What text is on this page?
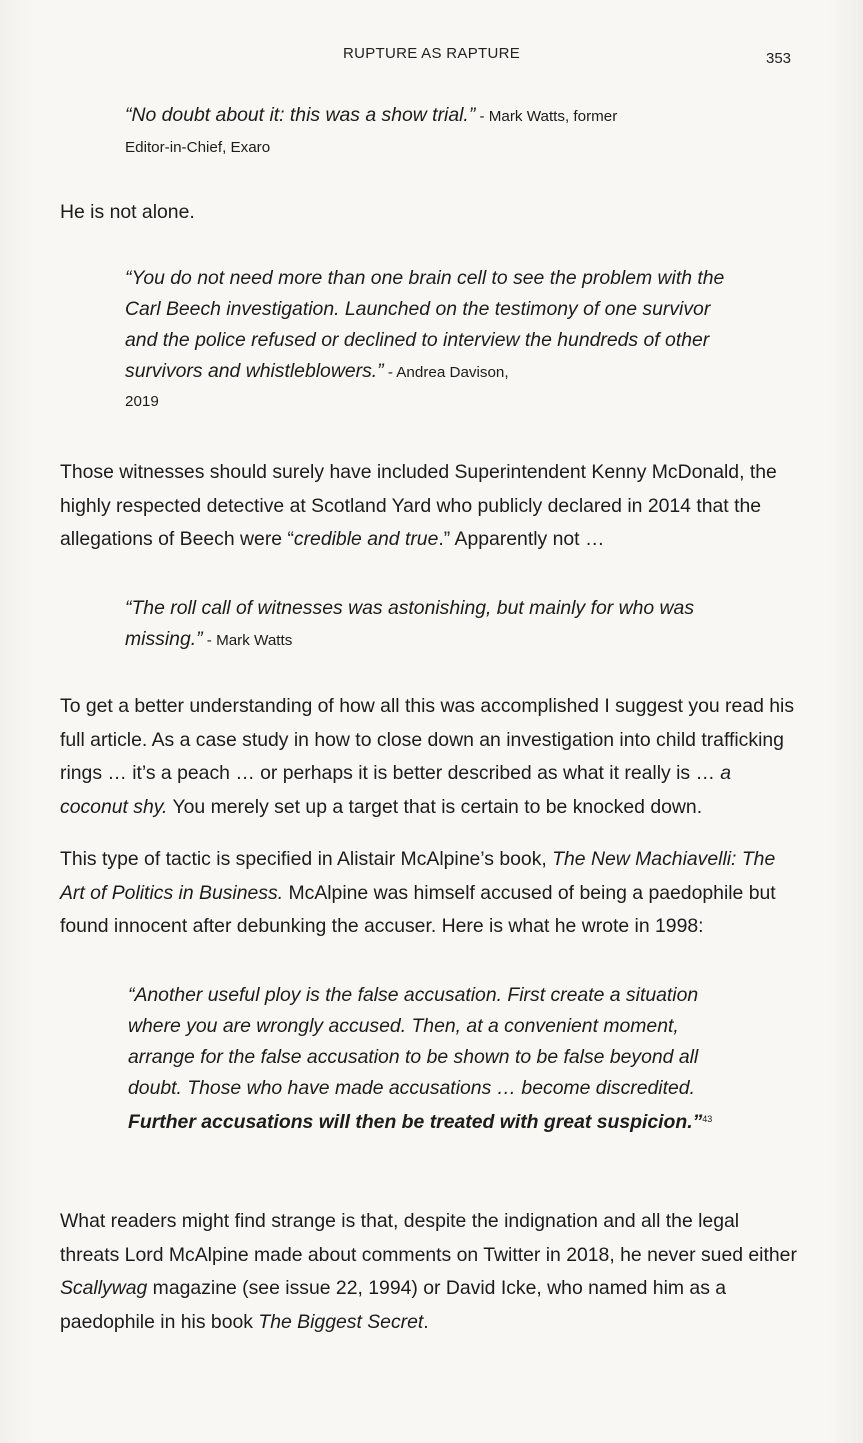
RUPTURE AS RAPTURE	353

“No doubt about it: this was a show trial.” - Mark Watts, former
Editor-in-Chief, Exaro

He is not alone.

“You do not need more than one brain cell to see the problem with the Carl Beech investigation. Launched on the testimony of one survivor and the police refused or declined to interview the hundreds of other survivors and whistleblowers.” - Andrea Davison,
2019

Those witnesses should surely have included Superintendent Kenny McDonald, the highly respected detective at Scotland Yard who publicly declared in 2014 that the allegations of Beech were “credible and true.” Apparently not …

“The roll call of witnesses was astonishing, but mainly for who was missing.” - Mark Watts

To get a better understanding of how all this was accomplished I suggest you read his full article. As a case study in how to close down an investigation into child trafficking rings … it’s a peach … or perhaps it is better described as what it really is … a coconut shy. You merely set up a target that is certain to be knocked down.

This type of tactic is specified in Alistair McAlpine’s book, The New Machiavelli: The Art of Politics in Business. McAlpine was himself accused of being a paedophile but found innocent after debunking the accuser. Here is what he wrote in 1998:

“Another useful ploy is the false accusation. First create a situation where you are wrongly accused. Then, at a convenient moment, arrange for the false accusation to be shown to be false beyond all doubt. Those who have made accusations … become discredited. Further accusations will then be treated with great suspicion.”$^{43}$

What readers might find strange is that, despite the indignation and all the legal threats Lord McAlpine made about comments on Twitter in 2018, he never sued either Scallywag magazine (see issue 22, 1994) or David Icke, who named him as a paedophile in his book The Biggest Secret.
